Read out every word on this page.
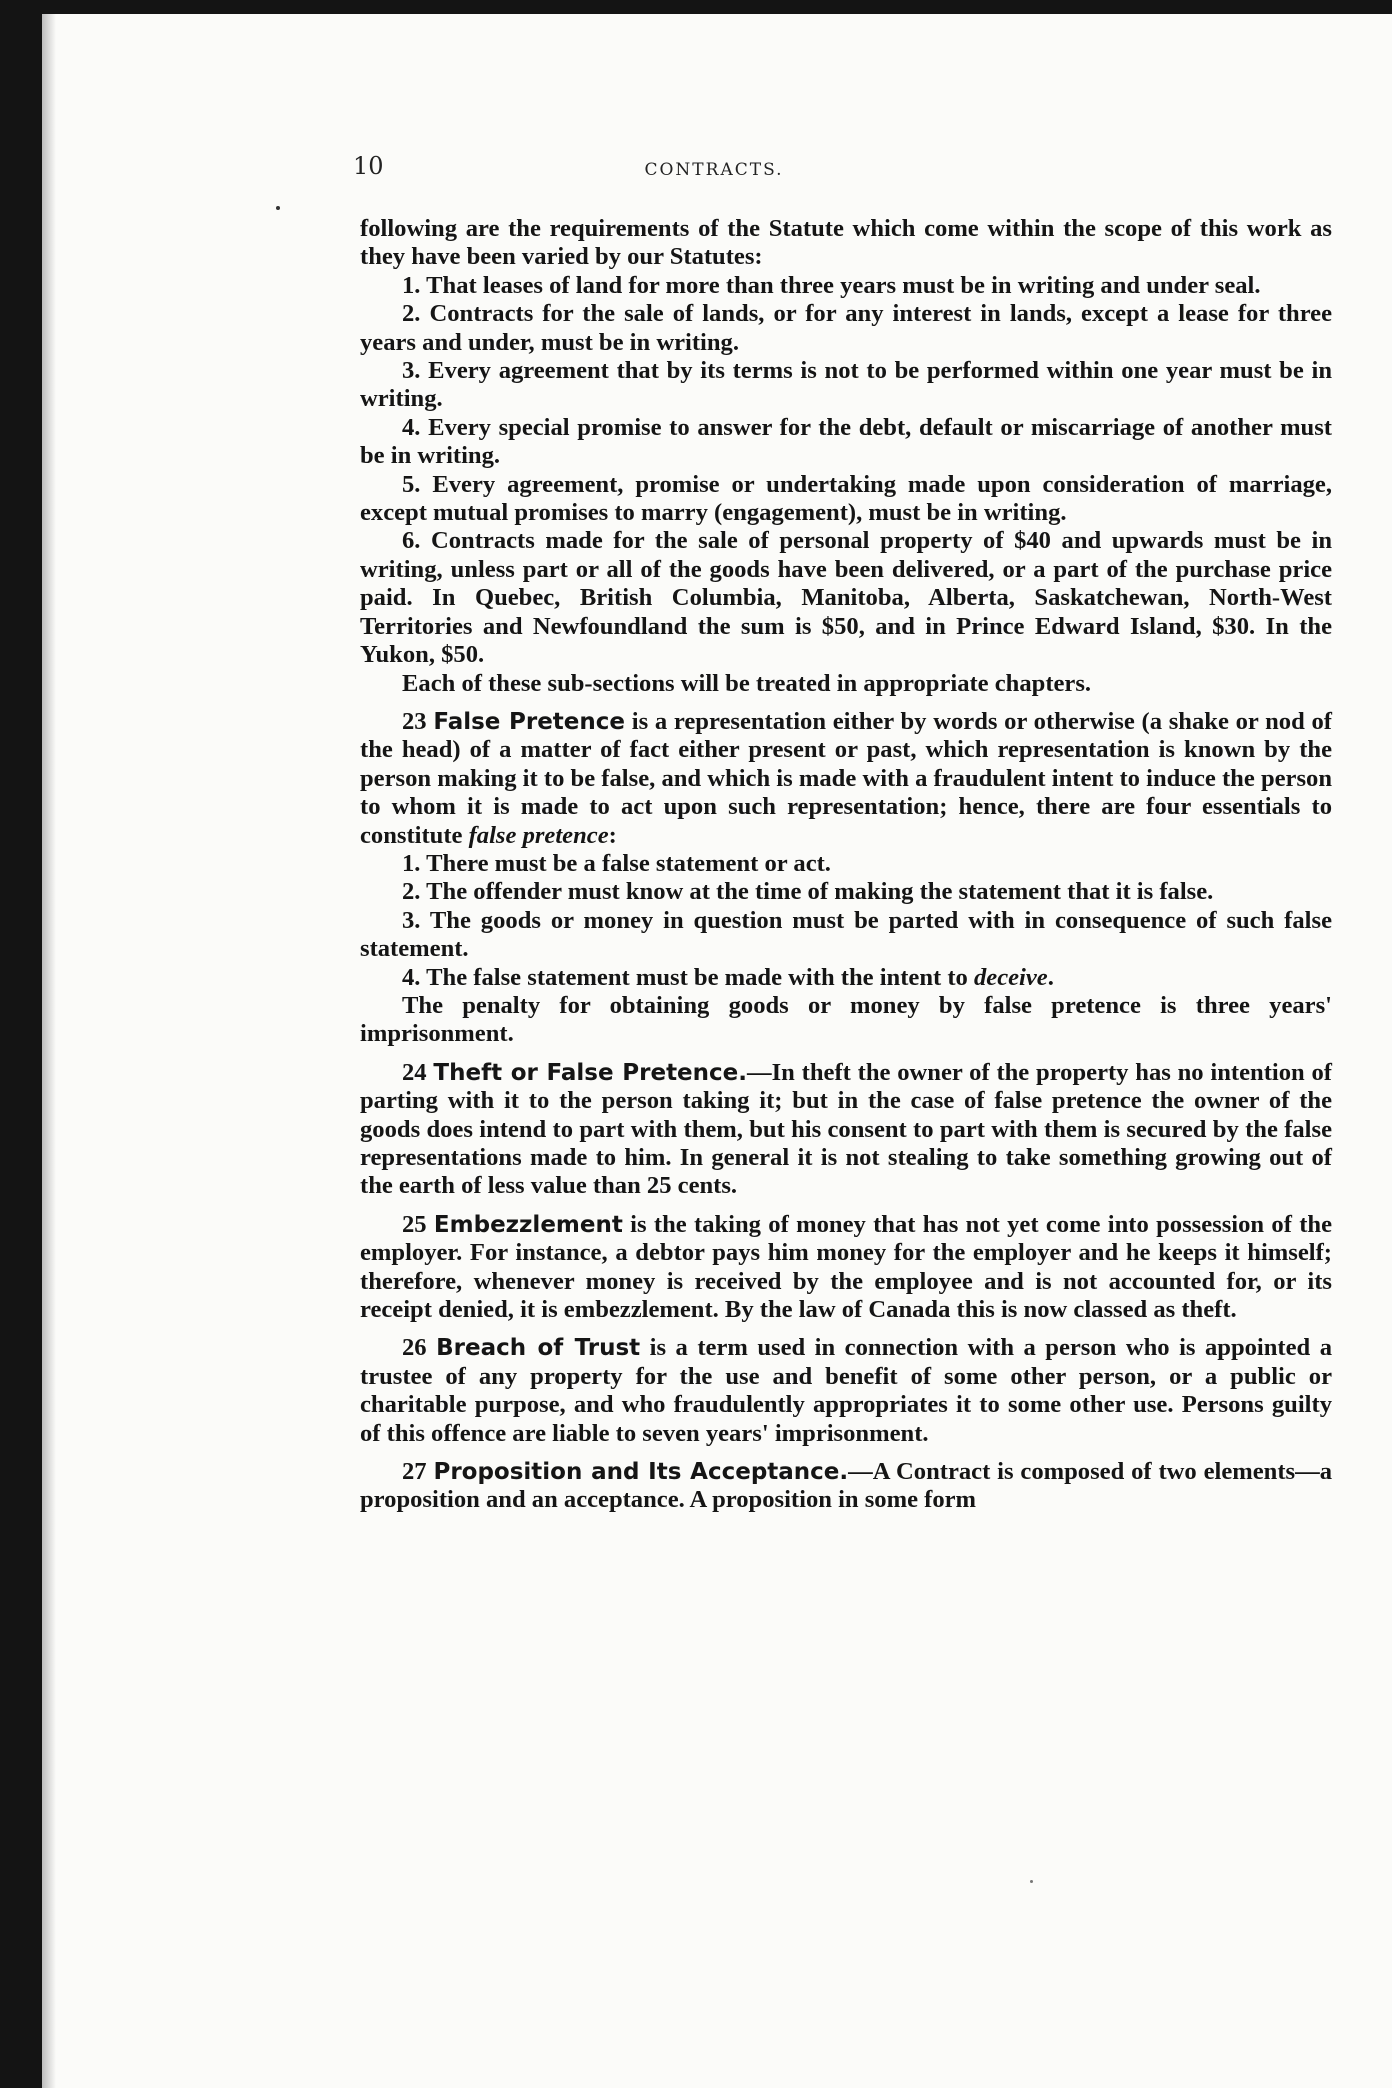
10	CONTRACTS.

following are the requirements of the Statute which come within the scope of this work as they have been varied by our Statutes:

1. That leases of land for more than three years must be in writing and under seal.

2. Contracts for the sale of lands, or for any interest in lands, except a lease for three years and under, must be in writing.

3. Every agreement that by its terms is not to be performed within one year must be in writing.

4. Every special promise to answer for the debt, default or miscarriage of another must be in writing.

5. Every agreement, promise or undertaking made upon consideration of marriage, except mutual promises to marry (engagement), must be in writing.

6. Contracts made for the sale of personal property of $40 and upwards must be in writing, unless part or all of the goods have been delivered, or a part of the purchase price paid. In Quebec, British Columbia, Manitoba, Alberta, Saskatchewan, North-West Territories and Newfoundland the sum is $50, and in Prince Edward Island, $30. In the Yukon, $50.

Each of these sub-sections will be treated in appropriate chapters.

23 False Pretence is a representation either by words or otherwise (a shake or nod of the head) of a matter of fact either present or past, which representation is known by the person making it to be false, and which is made with a fraudulent intent to induce the person to whom it is made to act upon such representation; hence, there are four essentials to constitute false pretence:

1. There must be a false statement or act.

2. The offender must know at the time of making the statement that it is false.

3. The goods or money in question must be parted with in consequence of such false statement.

4. The false statement must be made with the intent to deceive.

The penalty for obtaining goods or money by false pretence is three years' imprisonment.

24 Theft or False Pretence.—In theft the owner of the property has no intention of parting with it to the person taking it; but in the case of false pretence the owner of the goods does intend to part with them, but his consent to part with them is secured by the false representations made to him. In general it is not stealing to take something growing out of the earth of less value than 25 cents.

25 Embezzlement is the taking of money that has not yet come into possession of the employer. For instance, a debtor pays him money for the employer and he keeps it himself; therefore, whenever money is received by the employee and is not accounted for, or its receipt denied, it is embezzlement. By the law of Canada this is now classed as theft.

26 Breach of Trust is a term used in connection with a person who is appointed a trustee of any property for the use and benefit of some other person, or a public or charitable purpose, and who fraudulently appropriates it to some other use. Persons guilty of this offence are liable to seven years' imprisonment.

27 Proposition and Its Acceptance.—A Contract is composed of two elements—a proposition and an acceptance. A proposition in some form
